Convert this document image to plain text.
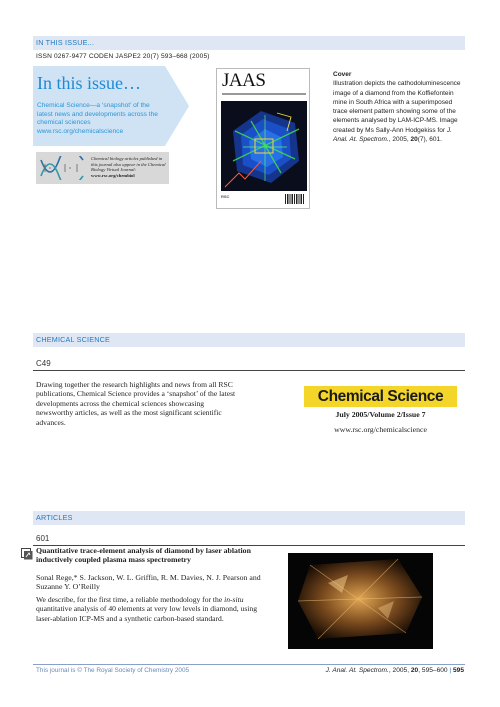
IN THIS ISSUE...
ISSN 0267-9477 CODEN JASPE2 20(7) 593–668 (2005)
In this issue…
Chemical Science—a ‘snapshot’ of the latest news and developments across the chemical sciences
www.rsc.org/chemicalscience
Chemical biology articles published in this journal also appear in the Chemical Biology Virtual Journal: www.rsc.org/chembiol
JAAS
RSC
Cover
Illustration depicts the cathodoluminescence image of a diamond from the Koffiefontein mine in South Africa with a superimposed trace element pattern showing some of the elements analysed by LAM-ICP-MS. Image created by Ms Sally-Ann Hodgekiss for J. Anal. At. Spectrom., 2005, 20(7), 601.
CHEMICAL SCIENCE
C49
Drawing together the research highlights and news from all RSC publications, Chemical Science provides a ‘snapshot’ of the latest developments across the chemical sciences showcasing newsworthy articles, as well as the most significant scientific advances.
Chemical Science
July 2005/Volume 2/Issue 7
www.rsc.org/chemicalscience
ARTICLES
601
Quantitative trace-element analysis of diamond by laser ablation inductively coupled plasma mass spectrometry
Sonal Rege,* S. Jackson, W. L. Griffin, R. M. Davies, N. J. Pearson and Suzanne Y. O’Reilly
We describe, for the first time, a reliable methodology for the in-situ quantitative analysis of 40 elements at very low levels in diamond, using laser-ablation ICP-MS and a synthetic carbon-based standard.
This journal is © The Royal Society of Chemistry 2005	J. Anal. At. Spectrom., 2005, 20, 595–600 | 595
